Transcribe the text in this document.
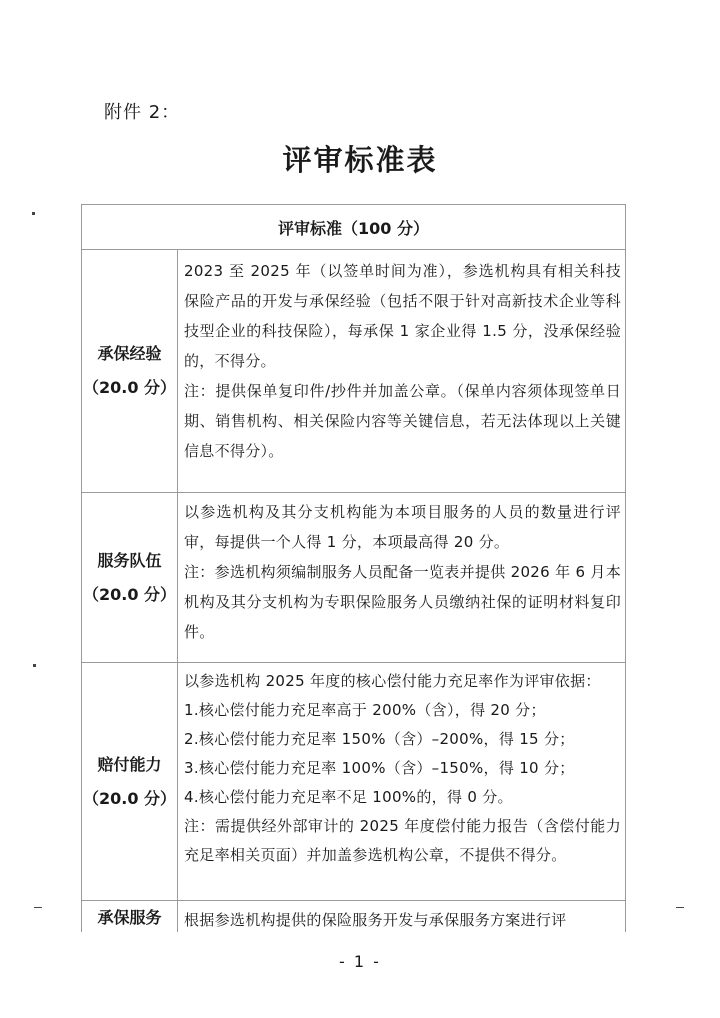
附件 2：
评审标准表
评审标准（100 分）
承保经验
（20.0 分）

2023 至 2025 年（以签单时间为准），参选机构具有相关科技保险产品的开发与承保经验（包括不限于针对高新技术企业等科技型企业的科技保险），每承保 1 家企业得 1.5 分，没承保经验的，不得分。

注：提供保单复印件/抄件并加盖公章。（保单内容须体现签单日期、销售机构、相关保险内容等关键信息，若无法体现以上关键信息不得分）。

服务队伍
（20.0 分）

以参选机构及其分支机构能为本项目服务的人员的数量进行评审，每提供一个人得 1 分，本项最高得 20 分。

注：参选机构须编制服务人员配备一览表并提供 2026 年 6 月本机构及其分支机构为专职保险服务人员缴纳社保的证明材料复印件。

赔付能力
（20.0 分）

以参选机构 2025 年度的核心偿付能力充足率作为评审依据：

1.核心偿付能力充足率高于 200%（含），得 20 分；

2.核心偿付能力充足率 150%（含）–200%，得 15 分；

3.核心偿付能力充足率 100%（含）–150%，得 10 分；

4.核心偿付能力充足率不足 100%的，得 0 分。

注：需提供经外部审计的 2025 年度偿付能力报告（含偿付能力充足率相关页面）并加盖参选机构公章，不提供不得分。

承保服务 根据参选机构提供的保险服务开发与承保服务方案进行评

- 1 -
